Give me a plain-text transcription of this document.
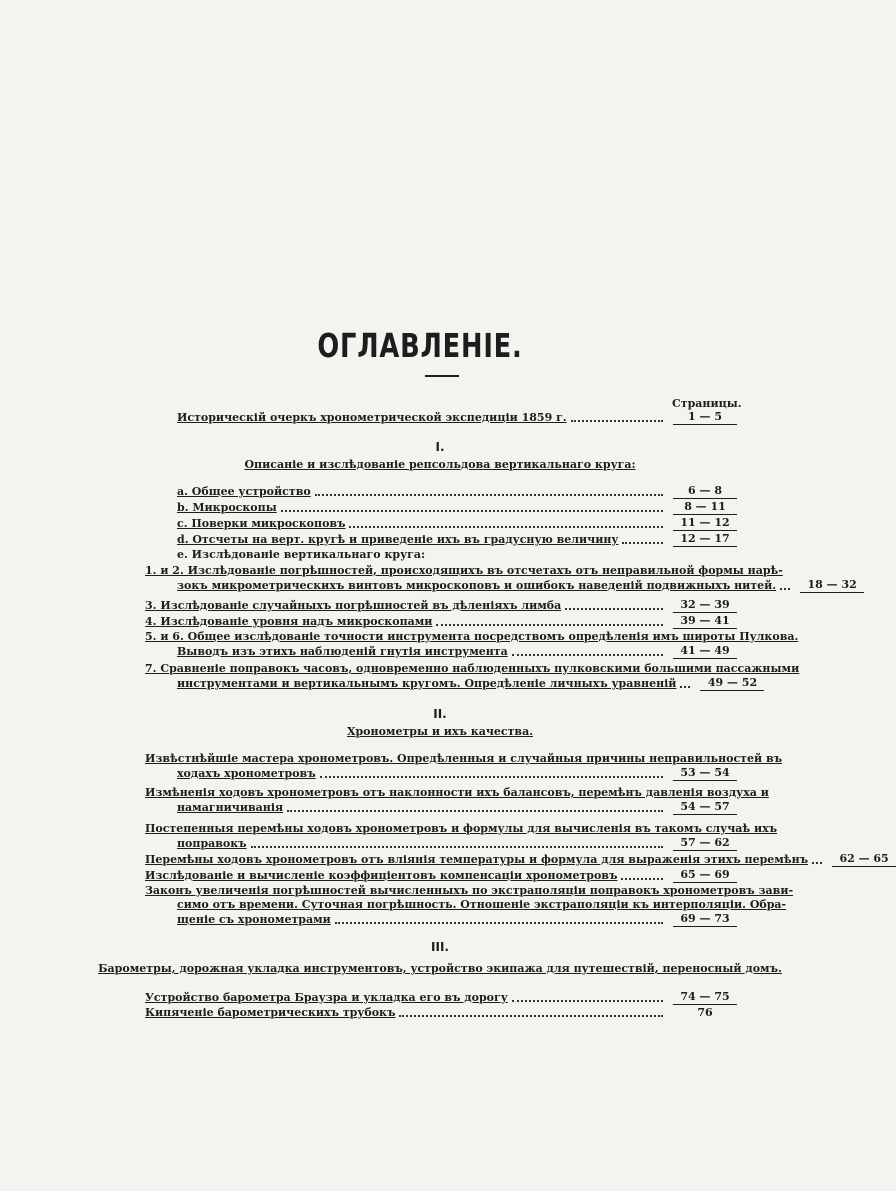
ОГЛАВЛЕНІЕ.
Страницы.
Историческій очеркъ хронометрической экспедиціи 1859 г.	1 — 5
I.
Описаніе и изслѣдованіе репсольдова вертикальнаго круга:
a. Общее устройство	6 — 8
b. Микроскопы	8 — 11
c. Поверки микроскоповъ	11 — 12
d. Отсчеты на верт. кругѣ и приведеніе ихъ въ градусную величину	12 — 17
e. Изслѣдованіе вертикальнаго круга:
1. и 2. Изслѣдованіе погрѣшностей, происходящихъ въ отсчетахъ отъ неправильной формы нарѣ-
зокъ микрометрическихъ винтовъ микроскоповъ и ошибокъ наведеній подвижныхъ нитей.	18 — 32
3. Изслѣдованіе случайныхъ погрѣшностей въ дѣленіяхъ лимба	32 — 39
4. Изслѣдованіе уровня надъ микроскопами	39 — 41
5. и 6. Общее изслѣдованіе точности инструмента посредствомъ опредѣленія имъ широты Пулкова.
Выводъ изъ этихъ наблюденій гнутія инструмента	41 — 49
7. Сравненіе поправокъ часовъ, одновременно наблюденныхъ пулковскими большими пассажными
инструментами и вертикальнымъ кругомъ. Опредѣленіе личныхъ уравненій	49 — 52
II.
Хронометры и ихъ качества.
Извѣстнѣйшіе мастера хронометровъ. Опредѣленныя и случайныя причины неправильностей въ
ходахъ хронометровъ	53 — 54
Измѣненія ходовъ хронометровъ отъ наклонности ихъ балансовъ, перемѣнъ давленія воздуха и
намагничиванія	54 — 57
Постепенныя перемѣны ходовъ хронометровъ и формулы для вычисленія въ такомъ случаѣ ихъ
поправокъ	57 — 62
Перемѣны ходовъ хронометровъ отъ вліянія температуры и формула для выраженія этихъ перемѣнъ	62 — 65
Изслѣдованіе и вычисленіе коэффиціентовъ компенсаціи хронометровъ	65 — 69
Законъ увеличенія погрѣшностей вычисленныхъ по экстраполяціи поправокъ хронометровъ зави-
симо отъ времени. Суточная погрѣшность. Отношеніе экстраполяціи къ интерполяціи. Обра-
щеніе съ хронометрами	69 — 73
III.
Барометры, дорожная укладка инструментовъ, устройство экипажа для путешествій, переносный домъ.
Устройство барометра Браузра и укладка его въ дорогу	74 — 75
Кипяченіе барометрическихъ трубокъ	76
